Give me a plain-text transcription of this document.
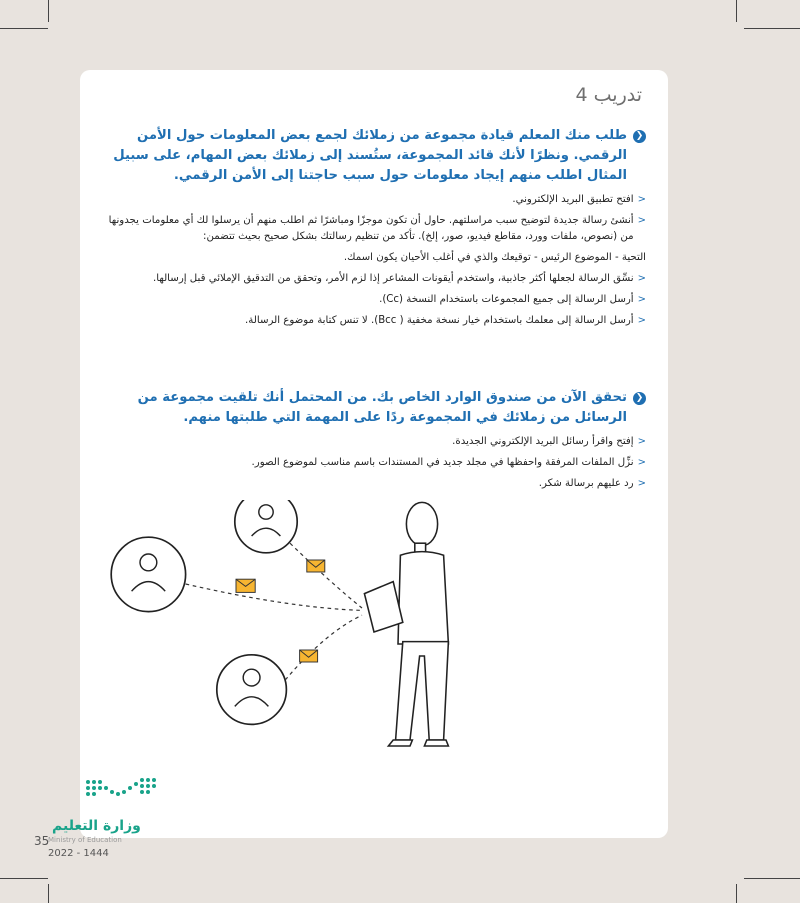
تدريب 4
❮

طلب منك المعلم قيادة مجموعة من زملائك لجمع بعض المعلومات حول الأمن الرقمي. ونظرًا لأنك قائد المجموعة، ستُسند إلى زملائك بعض المهام، على سبيل المثال اطلب منهم إيجاد معلومات حول سبب حاجتنا إلى الأمن الرقمي.

<
افتح تطبيق البريد الإلكتروني.

<
أنشئ رسالة جديدة لتوضيح سبب مراسلتهم. حاول أن تكون موجزًا ومباشرًا ثم اطلب منهم أن يرسلوا لك أي معلومات يجدونها من (نصوص، ملفات وورد، مقاطع فيديو، صور، إلخ). تأكد من تنظيم رسالتك بشكل صحيح بحيث تتضمن:

التحية - الموضوع الرئيس - توقيعك والذي في أغلب الأحيان يكون اسمك.

<
نسِّق الرسالة لجعلها أكثر جاذبية، واستخدم أيقونات المشاعر إذا لزم الأمر، وتحقق من التدقيق الإملائي قبل إرسالها.

<
أرسل الرسالة إلى جميع المجموعات باستخدام النسخة (Cc).

<
أرسل الرسالة إلى معلمك باستخدام خيار نسخة مخفية ( Bcc). لا تنس كتابة موضوع الرسالة.

❮

تحقق الآن من صندوق الوارد الخاص بك. من المحتمل أنك تلقيت مجموعة من الرسائل من زملائك في المجموعة ردًا على المهمة التي طلبتها منهم.

<
إفتح واقرأ رسائل البريد الإلكتروني الجديدة.

<
نزِّل الملفات المرفقة واحفظها في مجلد جديد في المستندات باسم مناسب لموضوع الصور.

<
رد عليهم برسالة شكر.

وزارة التعليم
Ministry of Education
35
2022 - 1444
